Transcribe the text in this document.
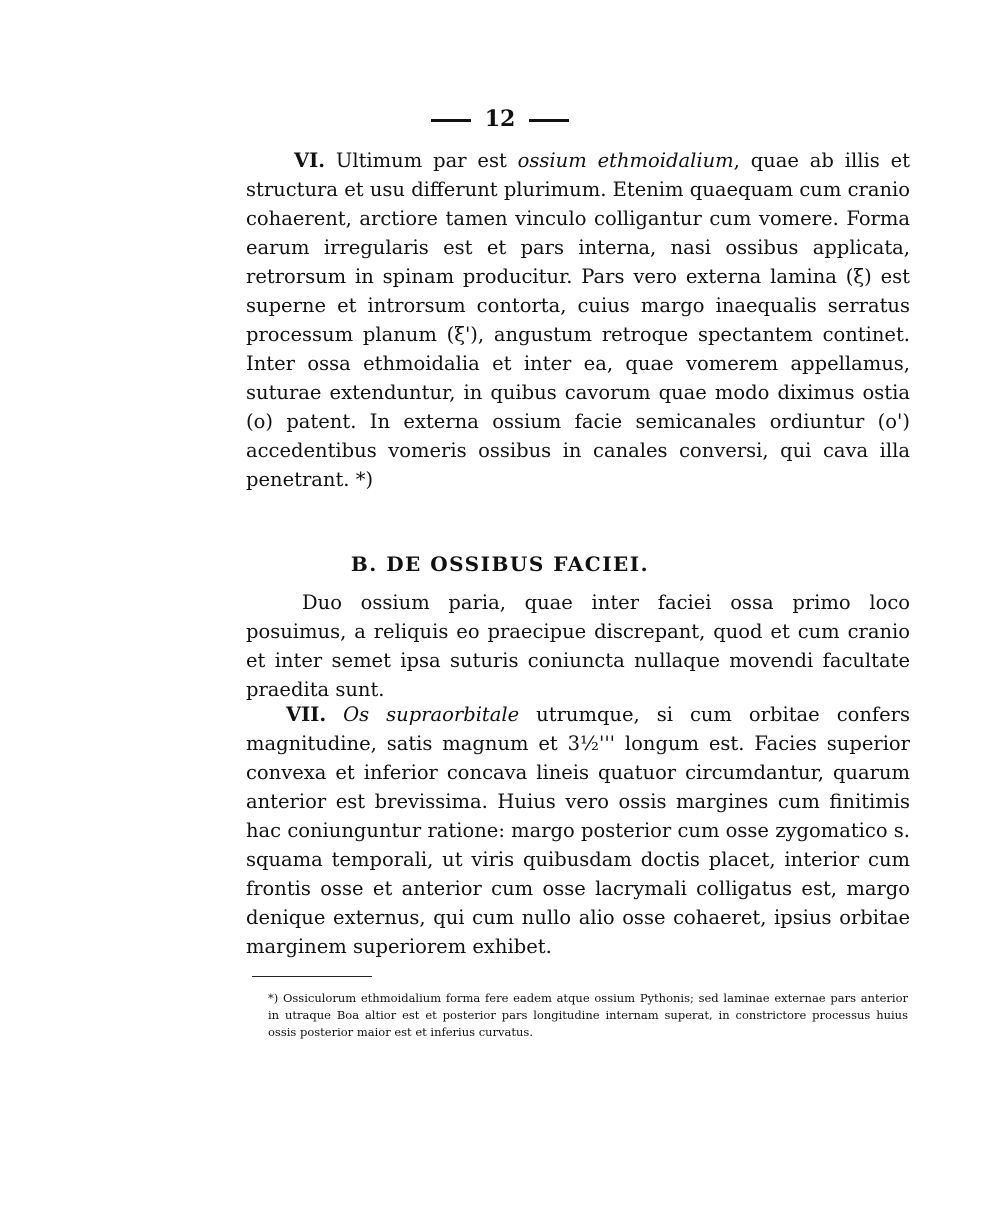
12

VI. Ultimum par est ossium ethmoidalium, quae ab illis et structura et usu differunt plurimum. Etenim quaequam cum cranio cohaerent, arctiore tamen vinculo colligantur cum vomere. Forma earum irregularis est et pars interna, nasi ossibus applicata, retrorsum in spinam producitur. Pars vero externa lamina (ξ) est superne et introrsum contorta, cuius margo inaequalis serratus processum planum (ξ'), angustum retroque spectantem continet. Inter ossa ethmoidalia et inter ea, quae vomerem appellamus, suturae extenduntur, in quibus cavorum quae modo diximus ostia (o) patent. In externa ossium facie semicanales ordiuntur (o') accedentibus vomeris ossibus in canales conversi, qui cava illa penetrant. *)

B. DE OSSIBUS FACIEI.

Duo ossium paria, quae inter faciei ossa primo loco posuimus, a reliquis eo praecipue discrepant, quod et cum cranio et inter semet ipsa suturis coniuncta nullaque movendi facultate praedita sunt.

VII. Os supraorbitale utrumque, si cum orbitae confers magnitudine, satis magnum et 3½''' longum est. Facies superior convexa et inferior concava lineis quatuor circumdantur, quarum anterior est brevissima. Huius vero ossis margines cum finitimis hac coniunguntur ratione: margo posterior cum osse zygomatico s. squama temporali, ut viris quibusdam doctis placet, interior cum frontis osse et anterior cum osse lacrymali colligatus est, margo denique externus, qui cum nullo alio osse cohaeret, ipsius orbitae marginem superiorem exhibet.

*) Ossiculorum ethmoidalium forma fere eadem atque ossium Pythonis; sed laminae externae pars anterior in utraque Boa altior est et posterior pars longitudine internam superat, in constrictore processus huius ossis posterior maior est et inferius curvatus.
